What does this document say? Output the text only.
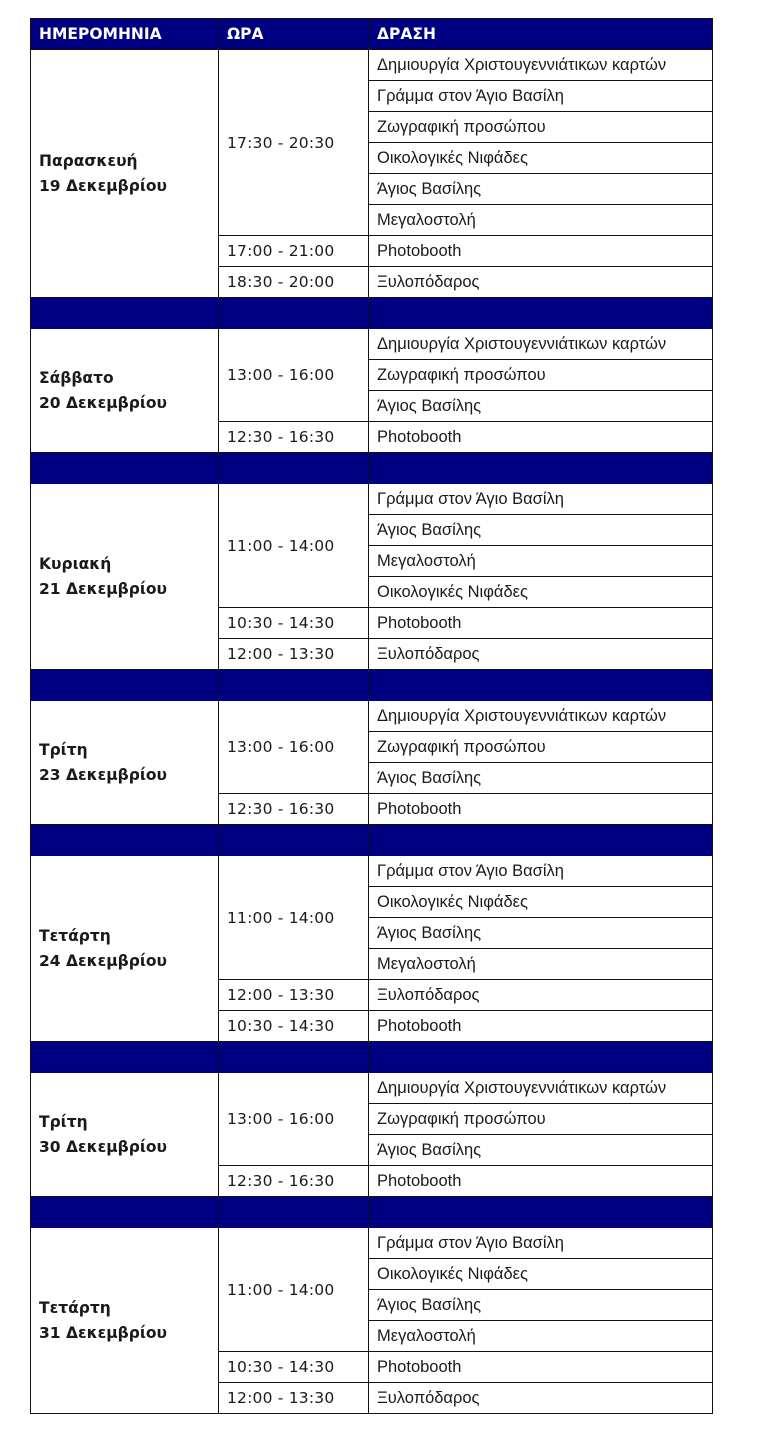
ΗΜΕΡΟΜΗΝΙΑ	ΩΡΑ	ΔΡΑΣΗ
Παρασκευή
19 Δεκεμβρίου	17:30 - 20:30	Δημιουργία Χριστουγεννιάτικων καρτών
		Γράμμα στον Άγιο Βασίλη
		Ζωγραφική προσώπου
		Οικολογικές Νιφάδες
		Άγιος Βασίλης
		Μεγαλοστολή
	17:00 - 21:00	Photobooth
	18:30 - 20:00	Ξυλοπόδαρος

Σάββατο
20 Δεκεμβρίου	13:00 - 16:00	Δημιουργία Χριστουγεννιάτικων καρτών
		Ζωγραφική προσώπου
		Άγιος Βασίλης
	12:30 - 16:30	Photobooth

Κυριακή
21 Δεκεμβρίου	11:00 - 14:00	Γράμμα στον Άγιο Βασίλη
		Άγιος Βασίλης
		Μεγαλοστολή
		Οικολογικές Νιφάδες
	10:30 - 14:30	Photobooth
	12:00 - 13:30	Ξυλοπόδαρος

Τρίτη
23 Δεκεμβρίου	13:00 - 16:00	Δημιουργία Χριστουγεννιάτικων καρτών
		Ζωγραφική προσώπου
		Άγιος Βασίλης
	12:30 - 16:30	Photobooth

Τετάρτη
24 Δεκεμβρίου	11:00 - 14:00	Γράμμα στον Άγιο Βασίλη
		Οικολογικές Νιφάδες
		Άγιος Βασίλης
		Μεγαλοστολή
	12:00 - 13:30	Ξυλοπόδαρος
	10:30 - 14:30	Photobooth

Τρίτη
30 Δεκεμβρίου	13:00 - 16:00	Δημιουργία Χριστουγεννιάτικων καρτών
		Ζωγραφική προσώπου
		Άγιος Βασίλης
	12:30 - 16:30	Photobooth

Τετάρτη
31 Δεκεμβρίου	11:00 - 14:00	Γράμμα στον Άγιο Βασίλη
		Οικολογικές Νιφάδες
		Άγιος Βασίλης
		Μεγαλοστολή
	10:30 - 14:30	Photobooth
	12:00 - 13:30	Ξυλοπόδαρος
